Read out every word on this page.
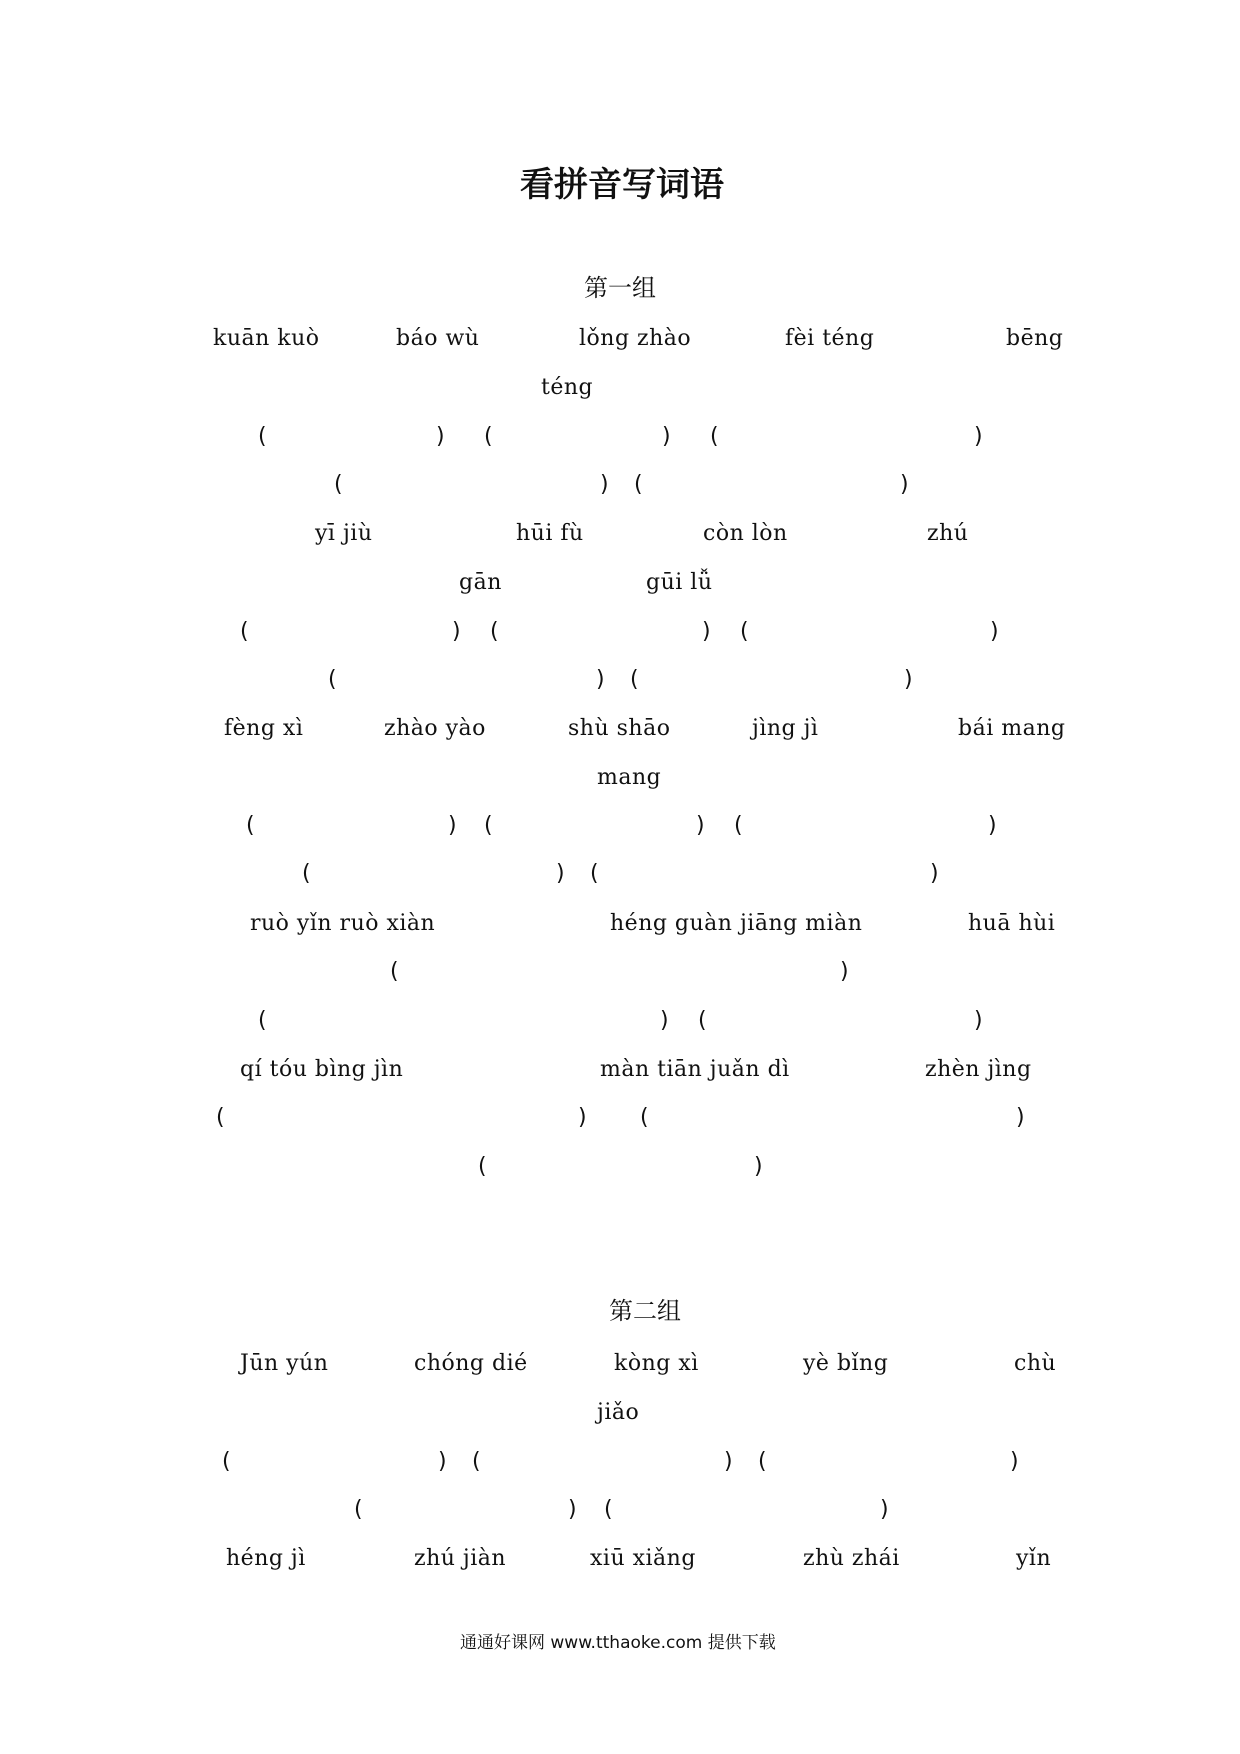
看拼音写词语
第一组
kuān kuò	báo wù	lǒng zhào	fèi téng	bēng
téng
(	) (	) (	)
(	) (	)
yī jiù	hūi fù	còn lòn	zhú
gān	gūi lǚ
(	) (	) (	)
(	) (	)
fèng xì	zhào yào	shù shāo	jìng jì	bái mang
mang
(	) (	) (	)
(	) (	)
ruò yǐn ruò xiàn	héng guàn jiāng miàn	huā hùi
(	)
(	) (	)
qí tóu bìng jìn	màn tiān juǎn dì	zhèn jìng
(	) (	)
(	)
第二组
Jūn yún	chóng dié	kòng xì	yè bǐng	chù
jiǎo
(	) (	) (	)
(	) (	)
héng jì	zhú jiàn	xiū xiǎng	zhù zhái	yǐn
通通好课网 www.tthaoke.com 提供下载
